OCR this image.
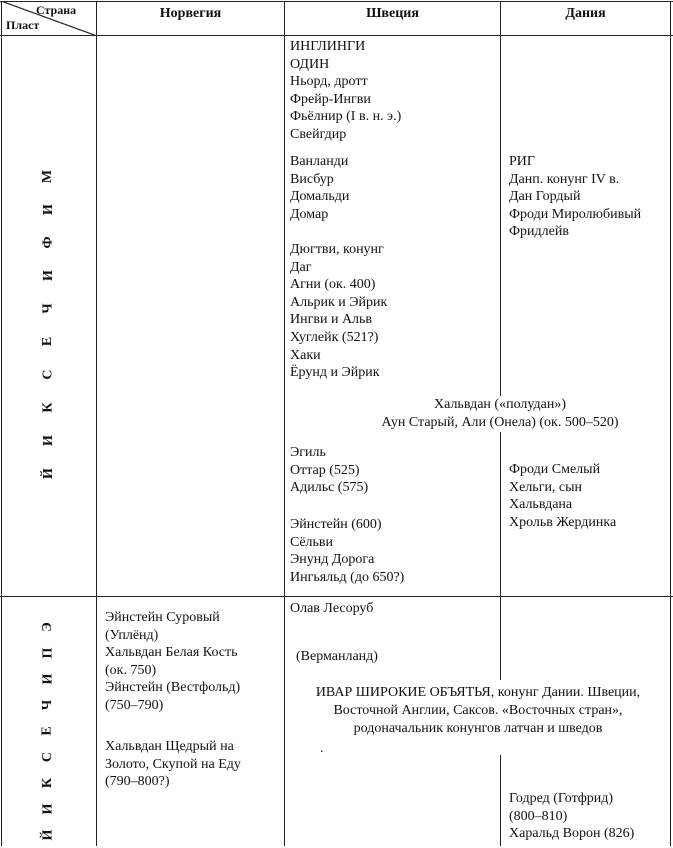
Страна
Пласт
Норвегия	Швеция	Дания
М
И
Ф
И
Ч
Е
С
К
И
Й
Э
П
И
Ч
Е
С
К
И
Й
ИНГЛИНГИ
ОДИН
Ньорд, дротт
Фрейр-Ингви
Фьёлнир (I в. н. э.)
Свейгдир
Ванланди
Висбур
Домальди
Домар
Дюгтви, конунг
Даг
Агни (ок. 400)
Альрик и Эйрик
Ингви и Альв
Хуглейк (521?)
Хаки
Ёрунд и Эйрик
РИГ
Данп. конунг IV в.
Дан Гордый
Фроди Миролюбивый
Фридлейв
Хальвдан («полудан»)
Аун Старый, Али (Онела) (ок. 500–520)
Эгиль
Оттар (525)
Адильс (575)
Эйнстейн (600)
Сёльви
Энунд Дорога
Ингьяльд (до 650?)
Фроди Смелый
Хельги, сын
Хальвдана
Хрольв Жердинка
Эйнстейн Суровый
(Уплёнд)
Хальвдан Белая Кость
(ок. 750)
Эйнстейн (Вестфольд)
(750–790)
Хальвдан Щедрый на
Золото, Скупой на Еду
(790–800?)
Олав Лесоруб
(Верманланд)
ИВАР ШИРОКИЕ ОБЪЯТЬЯ, конунг Дании. Швеции,
Восточной Англии, Саксов. «Восточных стран»,
родоначальник конунгов латчан и шведов
.
Годред (Готфрид)
(800–810)
Харальд Ворон (826)
